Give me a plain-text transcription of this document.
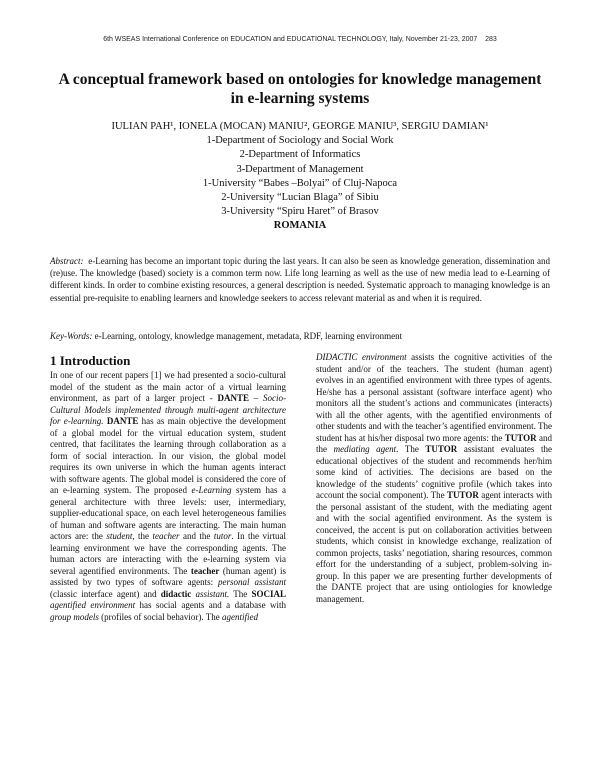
6th WSEAS International Conference on EDUCATION and EDUCATIONAL TECHNOLOGY, Italy, November 21-23, 2007 283
A conceptual framework based on ontologies for knowledge management
in e-learning systems
IULIAN PAH¹, IONELA (MOCAN) MANIU², GEORGE MANIU³, SERGIU DAMIAN¹
1-Department of Sociology and Social Work
2-Department of Informatics
3-Department of Management
1-University “Babes –Bolyai” of Cluj-Napoca
2-University “Lucian Blaga” of Sibiu
3-University “Spiru Haret” of Brasov
ROMANIA
Abstract: e-Learning has become an important topic during the last years. It can also be seen as knowledge generation, dissemination and (re)use. The knowledge (based) society is a common term now. Life long learning as well as the use of new media lead to e-Learning of different kinds. In order to combine existing resources, a general description is needed. Systematic approach to managing knowledge is an essential pre-requisite to enabling learners and knowledge seekers to access relevant material as and when it is required.
Key-Words: e-Learning, ontology, knowledge management, metadata, RDF, learning environment
1 Introduction

In one of our recent papers [1] we had presented a socio-cultural model of the student as the main actor of a virtual learning environment, as part of a larger project - DANTE – Socio-Cultural Models implemented through multi-agent architecture for e-learning. DANTE has as main objective the development of a global model for the virtual education system, student centred, that facilitates the learning through collaboration as a form of social interaction. In our vision, the global model requires its own universe in which the human agents interact with software agents. The global model is considered the core of an e-learning system. The proposed e-Learning system has a general architecture with three levels: user, intermediary, supplier-educational space, on each level heterogeneous families of human and software agents are interacting. The main human actors are: the student, the teacher and the tutor. In the virtual learning environment we have the corresponding agents. The human actors are interacting with the e-learning system via several agentified environments. The teacher (human agent) is assisted by two types of software agents: personal assistant (classic interface agent) and didactic assistant. The SOCIAL agentified environment has social agents and a database with group models (profiles of social behavior). The agentified

DIDACTIC environment assists the cognitive activities of the student and/or of the teachers. The student (human agent) evolves in an agentified environment with three types of agents. He/she has a personal assistant (software interface agent) who monitors all the student’s actions and communicates (interacts) with all the other agents, with the agentified environments of other students and with the teacher’s agentified environment. The student has at his/her disposal two more agents: the TUTOR and the mediating agent. The TUTOR assistant evaluates the educational objectives of the student and recommends her/him some kind of activities. The decisions are based on the knowledge of the students’ cognitive profile (which takes into account the social component). The TUTOR agent interacts with the personal assistant of the student, with the mediating agent and with the social agentified environment. As the system is conceived, the accent is put on collaboration activities between students, which consist in knowledge exchange, realization of common projects, tasks’ negotiation, sharing resources, common effort for the understanding of a subject, problem-solving in-group. In this paper we are presenting further developments of the DANTE project that are using ontiologies for knowledge management.
